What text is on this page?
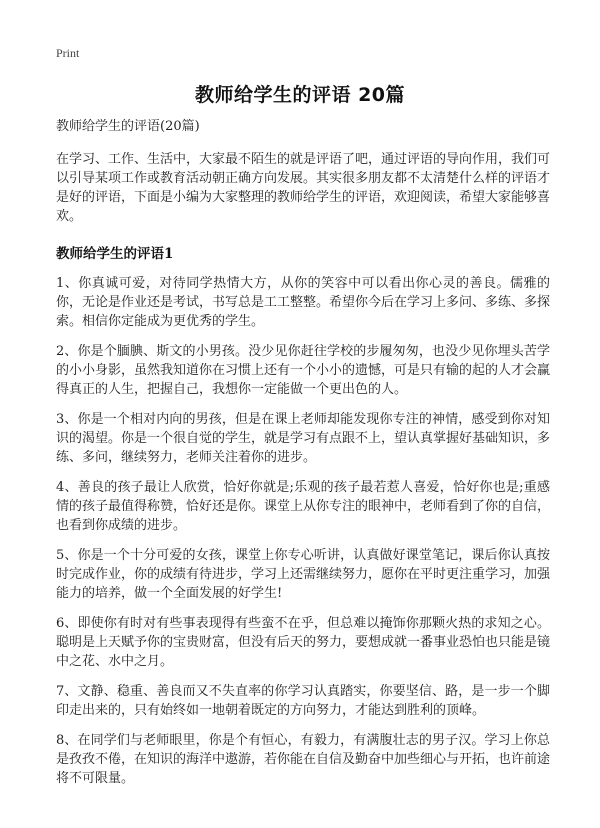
Print
教师给学生的评语 20篇
教师给学生的评语(20篇)

在学习、工作、生活中，大家最不陌生的就是评语了吧，通过评语的导向作用，我们可以引导某项工作或教育活动朝正确方向发展。其实很多朋友都不太清楚什么样的评语才是好的评语，下面是小编为大家整理的教师给学生的评语，欢迎阅读，希望大家能够喜欢。

教师给学生的评语1

1、你真诚可爱，对待同学热情大方，从你的笑容中可以看出你心灵的善良。儒雅的你，无论是作业还是考试，书写总是工工整整。希望你今后在学习上多问、多练、多探索。相信你定能成为更优秀的学生。

2、你是个腼腆、斯文的小男孩。没少见你赶往学校的步履匆匆，也没少见你埋头苦学的小小身影，虽然我知道你在习惯上还有一个小小的遗憾，可是只有输的起的人才会赢得真正的人生，把握自己，我想你一定能做一个更出色的人。

3、你是一个相对内向的男孩，但是在课上老师却能发现你专注的神情，感受到你对知识的渴望。你是一个很自觉的学生，就是学习有点跟不上，望认真掌握好基础知识，多练、多问，继续努力，老师关注着你的进步。

4、善良的孩子最让人欣赏，恰好你就是;乐观的孩子最若惹人喜爱，恰好你也是;重感情的孩子最值得称赞，恰好还是你。课堂上从你专注的眼神中，老师看到了你的自信，也看到你成绩的进步。

5、你是一个十分可爱的女孩，课堂上你专心听讲，认真做好课堂笔记，课后你认真按时完成作业，你的成绩有待进步，学习上还需继续努力，愿你在平时更注重学习，加强能力的培养，做一个全面发展的好学生!

6、即使你有时对有些事表现得有些蛮不在乎，但总难以掩饰你那颗火热的求知之心。聪明是上天赋予你的宝贵财富，但没有后天的努力，要想成就一番事业恐怕也只能是镜中之花、水中之月。

7、文静、稳重、善良而又不失直率的你学习认真踏实，你要坚信、路，是一步一个脚印走出来的，只有始终如一地朝着既定的方向努力，才能达到胜利的顶峰。

8、在同学们与老师眼里，你是个有恒心，有毅力，有满腹壮志的男子汉。学习上你总是孜孜不倦，在知识的海洋中遨游，若你能在自信及勤奋中加些细心与开拓，也许前途将不可限量。
